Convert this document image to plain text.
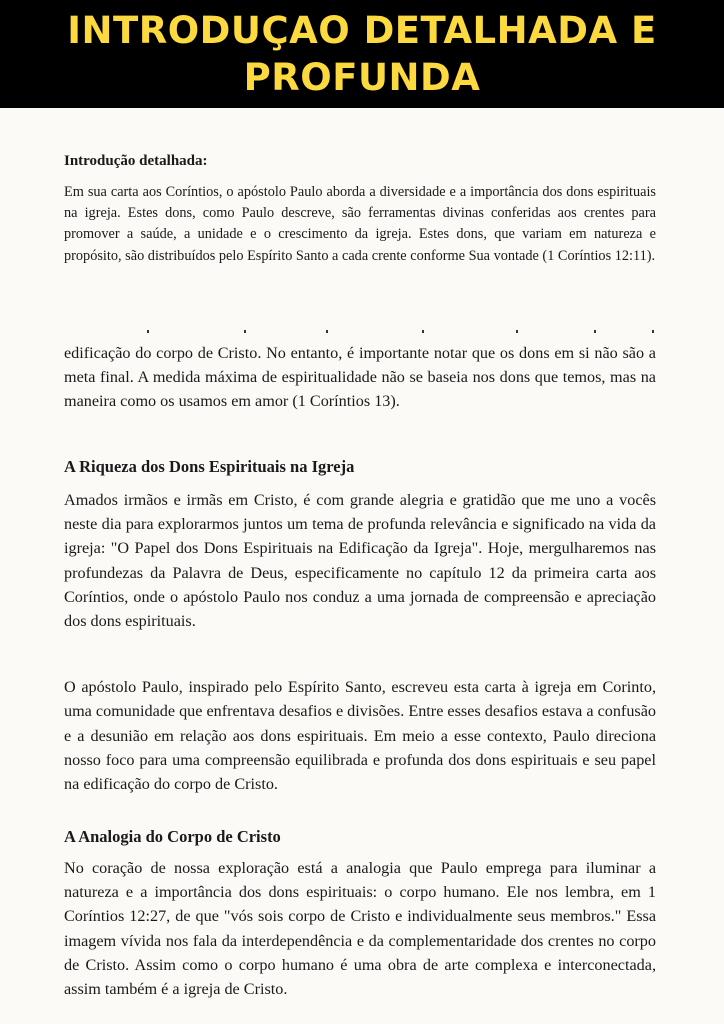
INTRODUÇAO DETALHADA E PROFUNDA
Introdução detalhada:

Em sua carta aos Coríntios, o apóstolo Paulo aborda a diversidade e a importância dos dons espirituais na igreja. Estes dons, como Paulo descreve, são ferramentas divinas conferidas aos crentes para promover a saúde, a unidade e o crescimento da igreja. Estes dons, que variam em natureza e propósito, são distribuídos pelo Espírito Santo a cada crente conforme Sua vontade (1 Coríntios 12:11).

edificação do corpo de Cristo. No entanto, é importante notar que os dons em si não são a meta final. A medida máxima de espiritualidade não se baseia nos dons que temos, mas na maneira como os usamos em amor (1 Coríntios 13).

A Riqueza dos Dons Espirituais na Igreja

Amados irmãos e irmãs em Cristo, é com grande alegria e gratidão que me uno a vocês neste dia para explorarmos juntos um tema de profunda relevância e significado na vida da igreja: "O Papel dos Dons Espirituais na Edificação da Igreja". Hoje, mergulharemos nas profundezas da Palavra de Deus, especificamente no capítulo 12 da primeira carta aos Coríntios, onde o apóstolo Paulo nos conduz a uma jornada de compreensão e apreciação dos dons espirituais.

O apóstolo Paulo, inspirado pelo Espírito Santo, escreveu esta carta à igreja em Corinto, uma comunidade que enfrentava desafios e divisões. Entre esses desafios estava a confusão e a desunião em relação aos dons espirituais. Em meio a esse contexto, Paulo direciona nosso foco para uma compreensão equilibrada e profunda dos dons espirituais e seu papel na edificação do corpo de Cristo.

A Analogia do Corpo de Cristo

No coração de nossa exploração está a analogia que Paulo emprega para iluminar a natureza e a importância dos dons espirituais: o corpo humano. Ele nos lembra, em 1 Coríntios 12:27, de que "vós sois corpo de Cristo e individualmente seus membros." Essa imagem vívida nos fala da interdependência e da complementaridade dos crentes no corpo de Cristo. Assim como o corpo humano é uma obra de arte complexa e interconectada, assim também é a igreja de Cristo.
